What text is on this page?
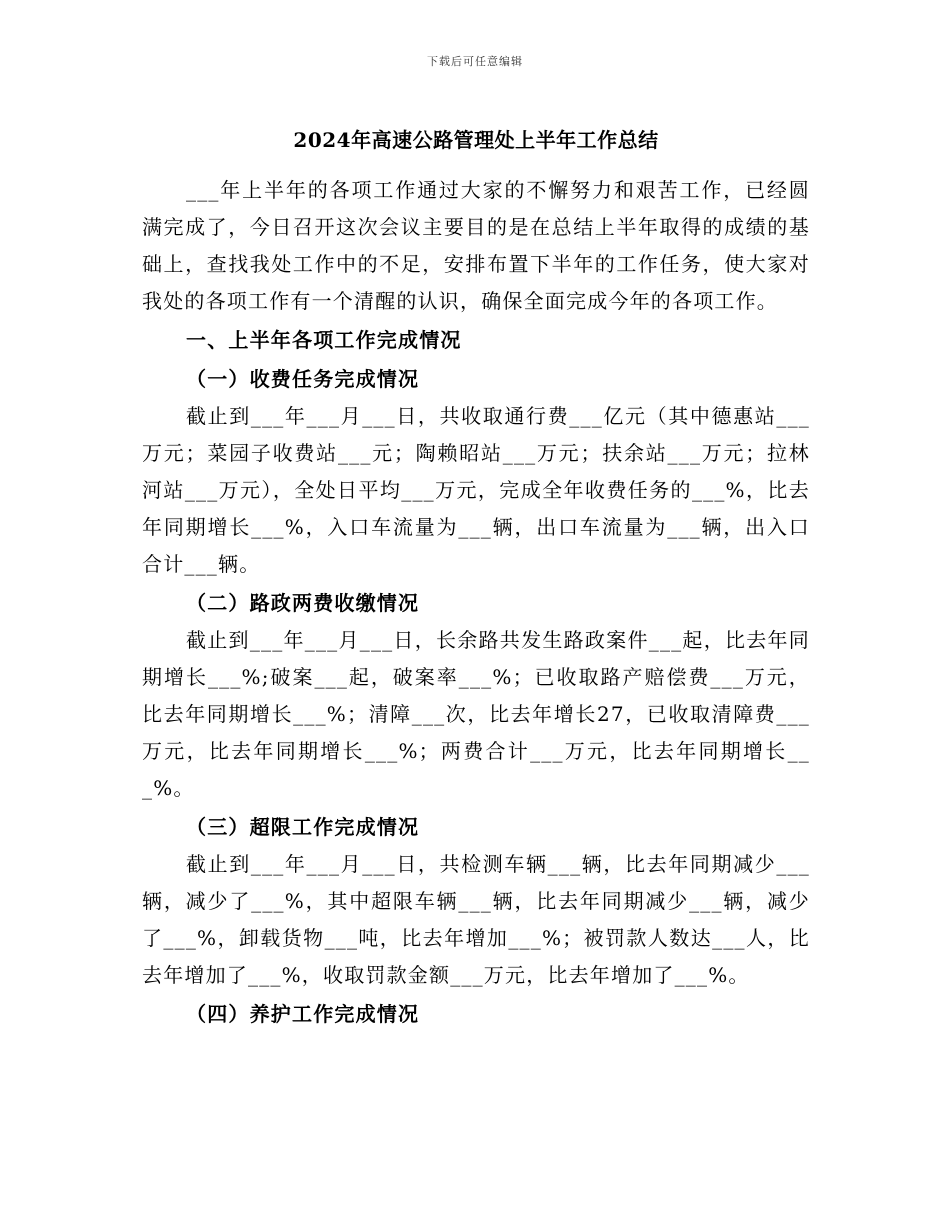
下载后可任意编辑
2024年高速公路管理处上半年工作总结

___年上半年的各项工作通过大家的不懈努力和艰苦工作，已经圆满完成了，今日召开这次会议主要目的是在总结上半年取得的成绩的基础上，查找我处工作中的不足，安排布置下半年的工作任务，使大家对我处的各项工作有一个清醒的认识，确保全面完成今年的各项工作。

一、上半年各项工作完成情况

（一）收费任务完成情况

截止到___年___月___日，共收取通行费___亿元（其中德惠站___万元；菜园子收费站___元；陶赖昭站___万元；扶余站___万元；拉林河站___万元），全处日平均___万元，完成全年收费任务的___%，比去年同期增长___%，入口车流量为___辆，出口车流量为___辆，出入口合计___辆。

（二）路政两费收缴情况

截止到___年___月___日，长余路共发生路政案件___起，比去年同期增长___%;破案___起，破案率___%；已收取路产赔偿费___万元，比去年同期增长___%；清障___次，比去年增长27，已收取清障费___万元，比去年同期增长___%；两费合计___万元，比去年同期增长___%。

（三）超限工作完成情况

截止到___年___月___日，共检测车辆___辆，比去年同期减少___辆，减少了___%，其中超限车辆___辆，比去年同期减少___辆，减少了___%，卸载货物___吨，比去年增加___%；被罚款人数达___人，比去年增加了___%，收取罚款金额___万元，比去年增加了___%。

（四）养护工作完成情况
